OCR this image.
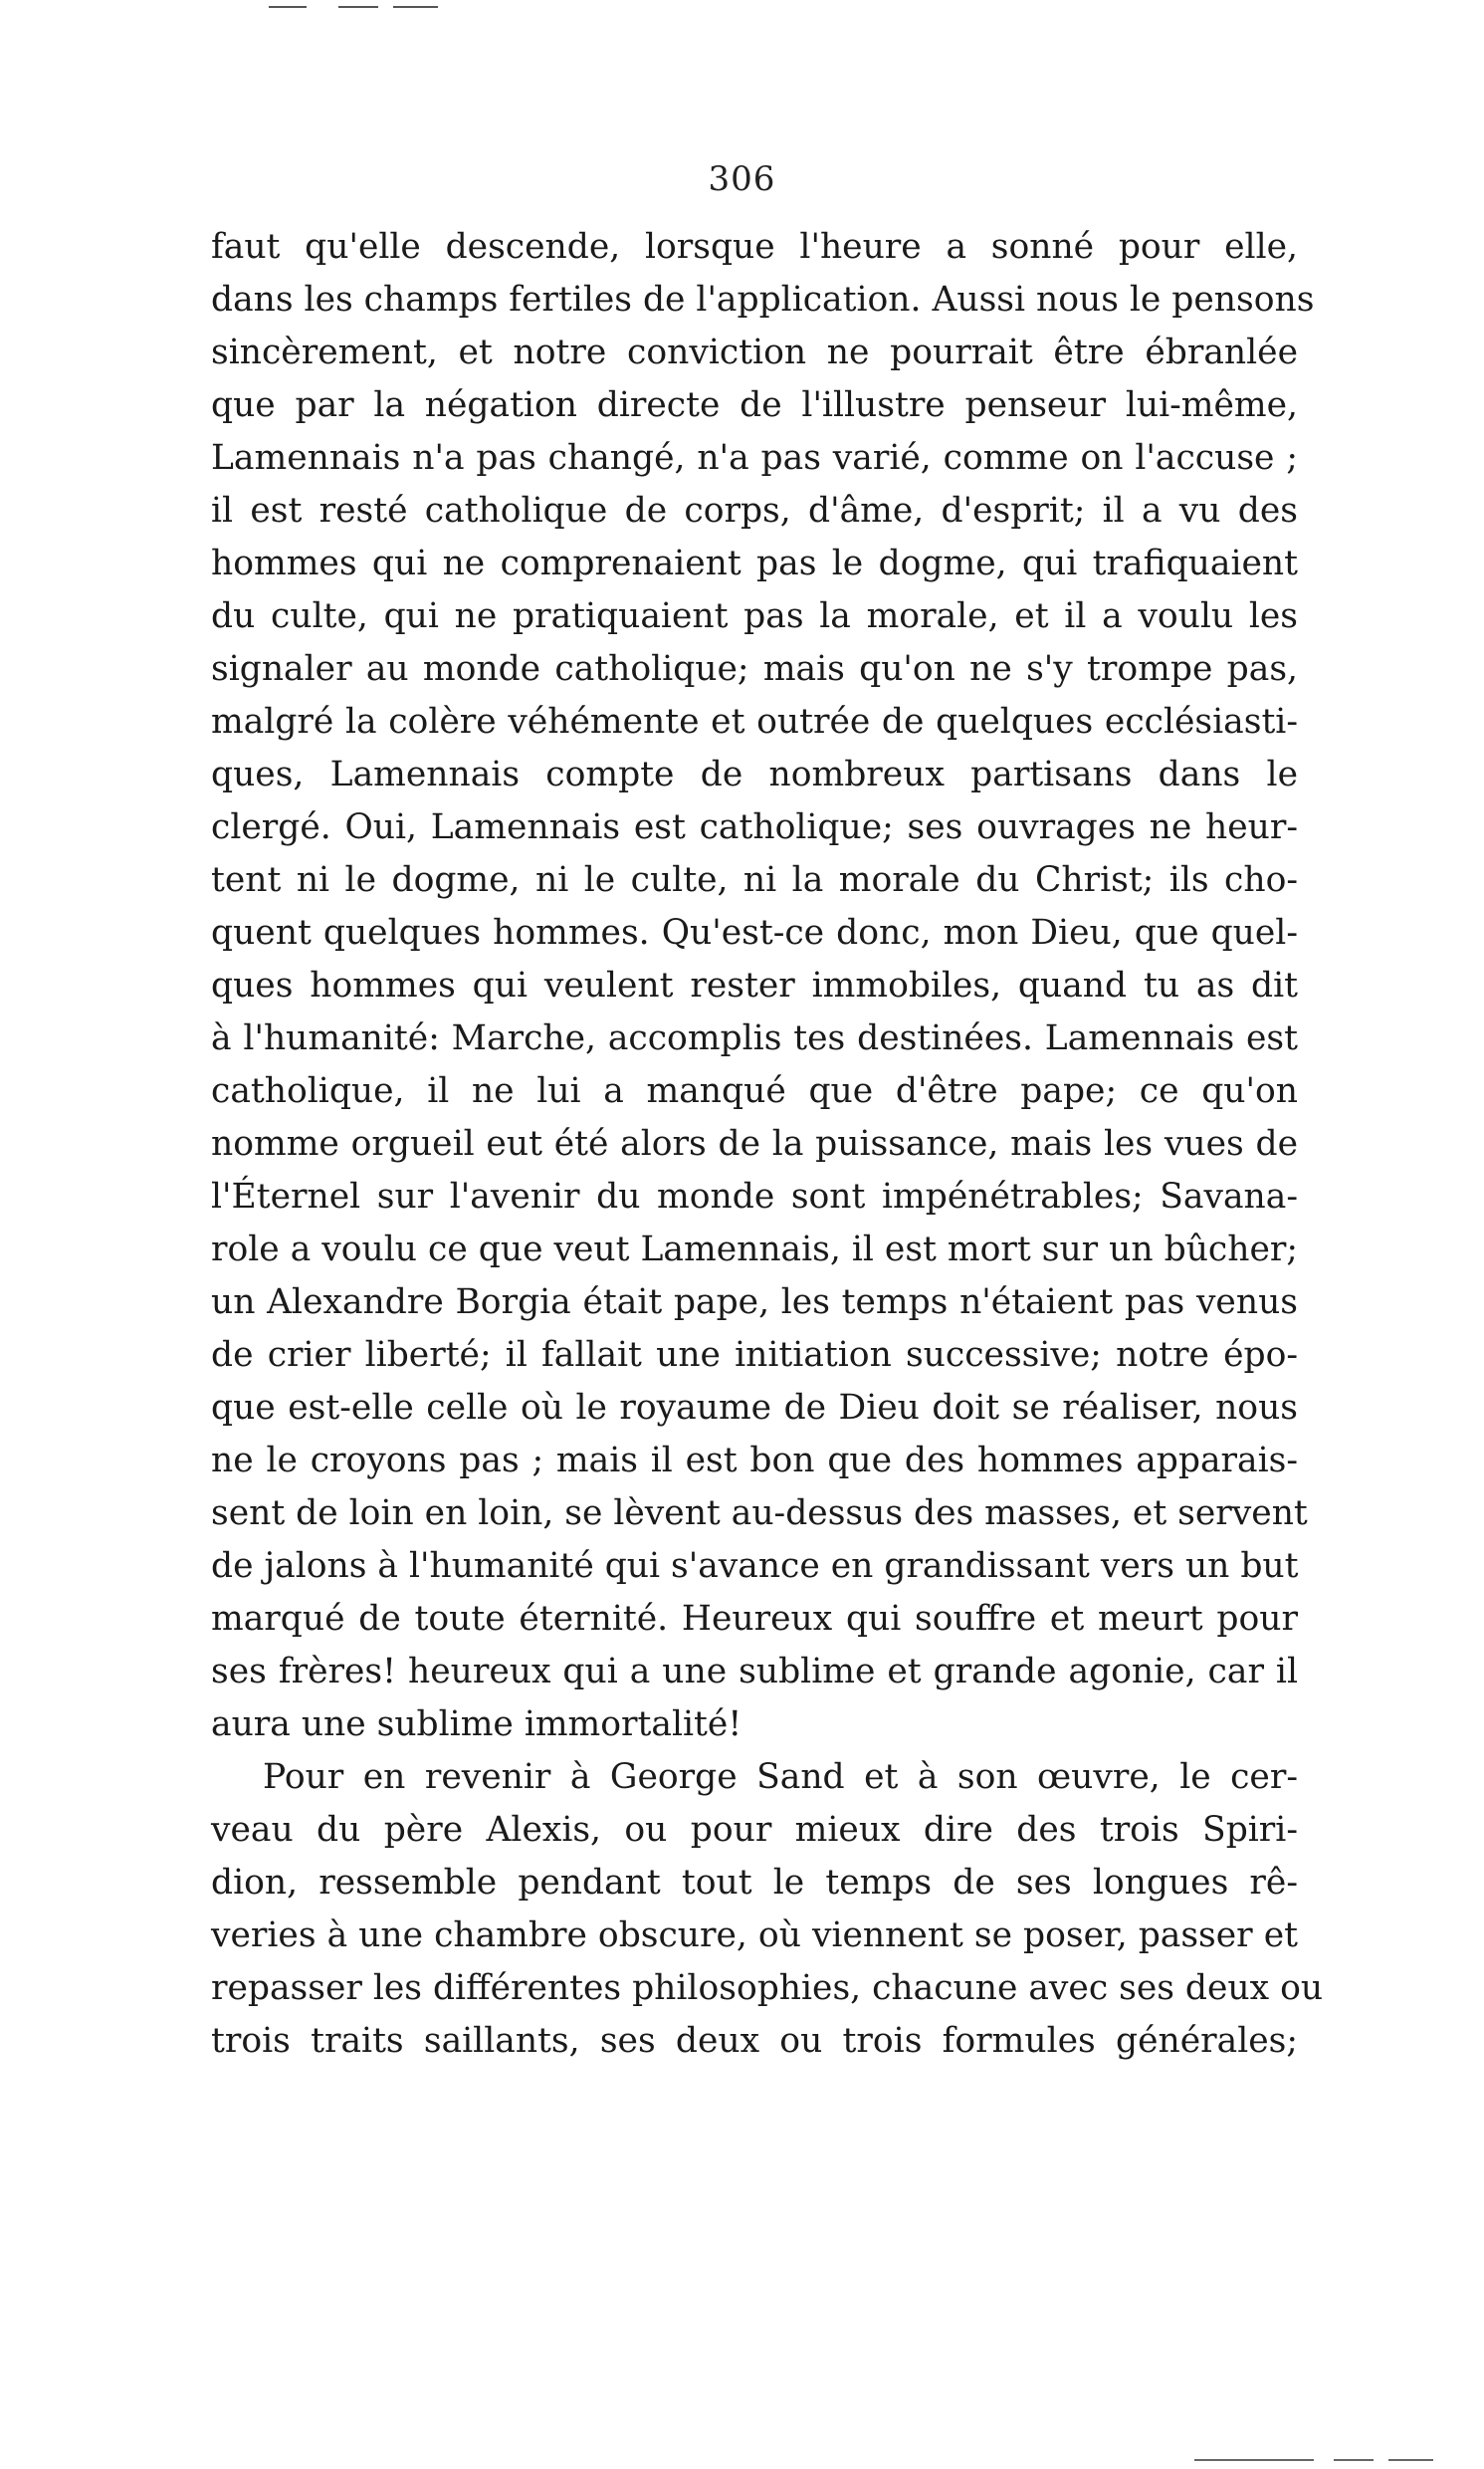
306
faut qu'elle descende, lorsque l'heure a sonné pour elle,
dans les champs fertiles de l'application. Aussi nous le pensons
sincèrement, et notre conviction ne pourrait être ébranlée
que par la négation directe de l'illustre penseur lui-même,
Lamennais n'a pas changé, n'a pas varié, comme on l'accuse ;
il est resté catholique de corps, d'âme, d'esprit; il a vu des
hommes qui ne comprenaient pas le dogme, qui trafiquaient
du culte, qui ne pratiquaient pas la morale, et il a voulu les
signaler au monde catholique; mais qu'on ne s'y trompe pas,
malgré la colère véhémente et outrée de quelques ecclésiasti-
ques, Lamennais compte de nombreux partisans dans le
clergé. Oui, Lamennais est catholique; ses ouvrages ne heur-
tent ni le dogme, ni le culte, ni la morale du Christ; ils cho-
quent quelques hommes. Qu'est-ce donc, mon Dieu, que quel-
ques hommes qui veulent rester immobiles, quand tu as dit
à l'humanité: Marche, accomplis tes destinées. Lamennais est
catholique, il ne lui a manqué que d'être pape; ce qu'on
nomme orgueil eut été alors de la puissance, mais les vues de
l'Éternel sur l'avenir du monde sont impénétrables; Savana-
role a voulu ce que veut Lamennais, il est mort sur un bûcher;
un Alexandre Borgia était pape, les temps n'étaient pas venus
de crier liberté; il fallait une initiation successive; notre épo-
que est-elle celle où le royaume de Dieu doit se réaliser, nous
ne le croyons pas ; mais il est bon que des hommes apparais-
sent de loin en loin, se lèvent au-dessus des masses, et servent
de jalons à l'humanité qui s'avance en grandissant vers un but
marqué de toute éternité. Heureux qui souffre et meurt pour
ses frères! heureux qui a une sublime et grande agonie, car il
aura une sublime immortalité!
Pour en revenir à George Sand et à son œuvre, le cer-
veau du père Alexis, ou pour mieux dire des trois Spiri-
dion, ressemble pendant tout le temps de ses longues rê-
veries à une chambre obscure, où viennent se poser, passer et
repasser les différentes philosophies, chacune avec ses deux ou
trois traits saillants, ses deux ou trois formules générales;
